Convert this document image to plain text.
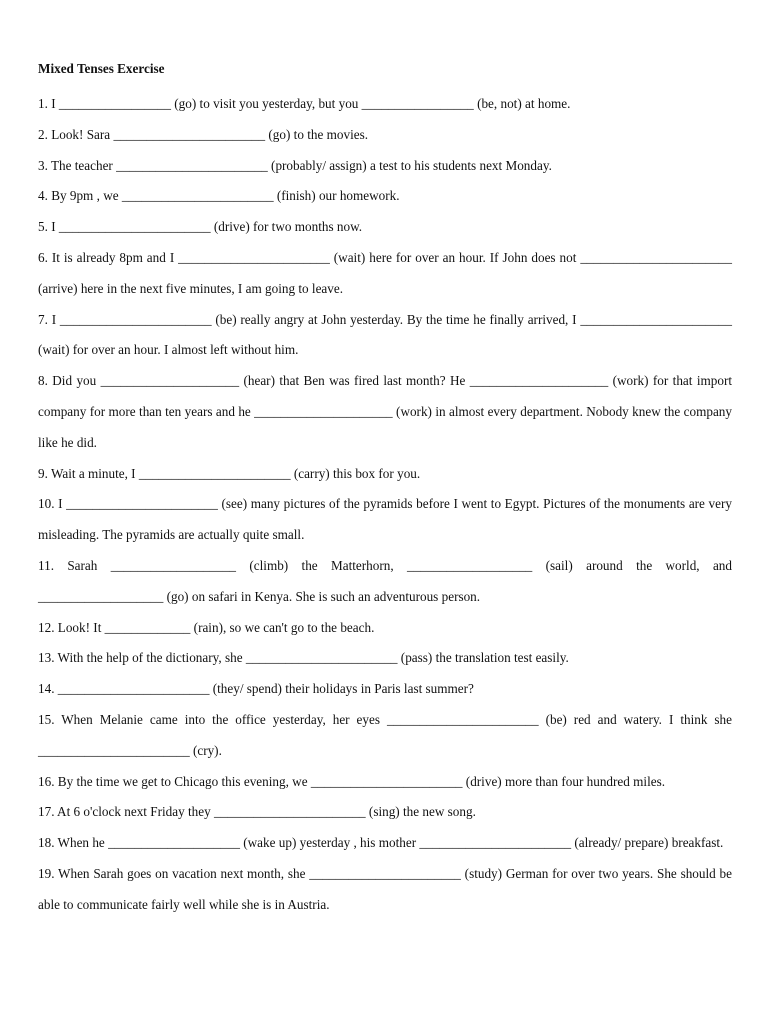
Mixed Tenses Exercise

1. I _________________ (go) to visit you yesterday, but you _________________ (be, not) at home.

2. Look! Sara _______________________ (go) to the movies.

3. The teacher _______________________ (probably/ assign) a test to his students next Monday.

4. By 9pm , we _______________________ (finish) our homework.

5. I _______________________ (drive) for two months now.

6. It is already 8pm and I _______________________ (wait) here for over an hour. If John does not _______________________ (arrive) here in the next five minutes, I am going to leave.

7. I _______________________ (be) really angry at John yesterday. By the time he finally arrived, I _______________________ (wait) for over an hour. I almost left without him.

8. Did you _____________________ (hear) that Ben was fired last month? He _____________________ (work) for that import company for more than ten years and he _____________________ (work) in almost every department. Nobody knew the company like he did.

9. Wait a minute, I _______________________ (carry) this box for you.

10. I _______________________ (see) many pictures of the pyramids before I went to Egypt. Pictures of the monuments are very misleading. The pyramids are actually quite small.

11. Sarah ___________________ (climb) the Matterhorn, ___________________ (sail) around the world, and ___________________ (go) on safari in Kenya. She is such an adventurous person.

12. Look! It _____________ (rain), so we can't go to the beach.

13. With the help of the dictionary, she _______________________ (pass) the translation test easily.

14. _______________________ (they/ spend) their holidays in Paris last summer?

15. When Melanie came into the office yesterday, her eyes _______________________ (be) red and watery. I think she _______________________ (cry).

16. By the time we get to Chicago this evening, we _______________________ (drive) more than four hundred miles.

17. At 6 o'clock next Friday they _______________________ (sing) the new song.

18. When he ____________________ (wake up) yesterday , his mother _______________________ (already/ prepare) breakfast.

19. When Sarah goes on vacation next month, she _______________________ (study) German for over two years. She should be able to communicate fairly well while she is in Austria.
